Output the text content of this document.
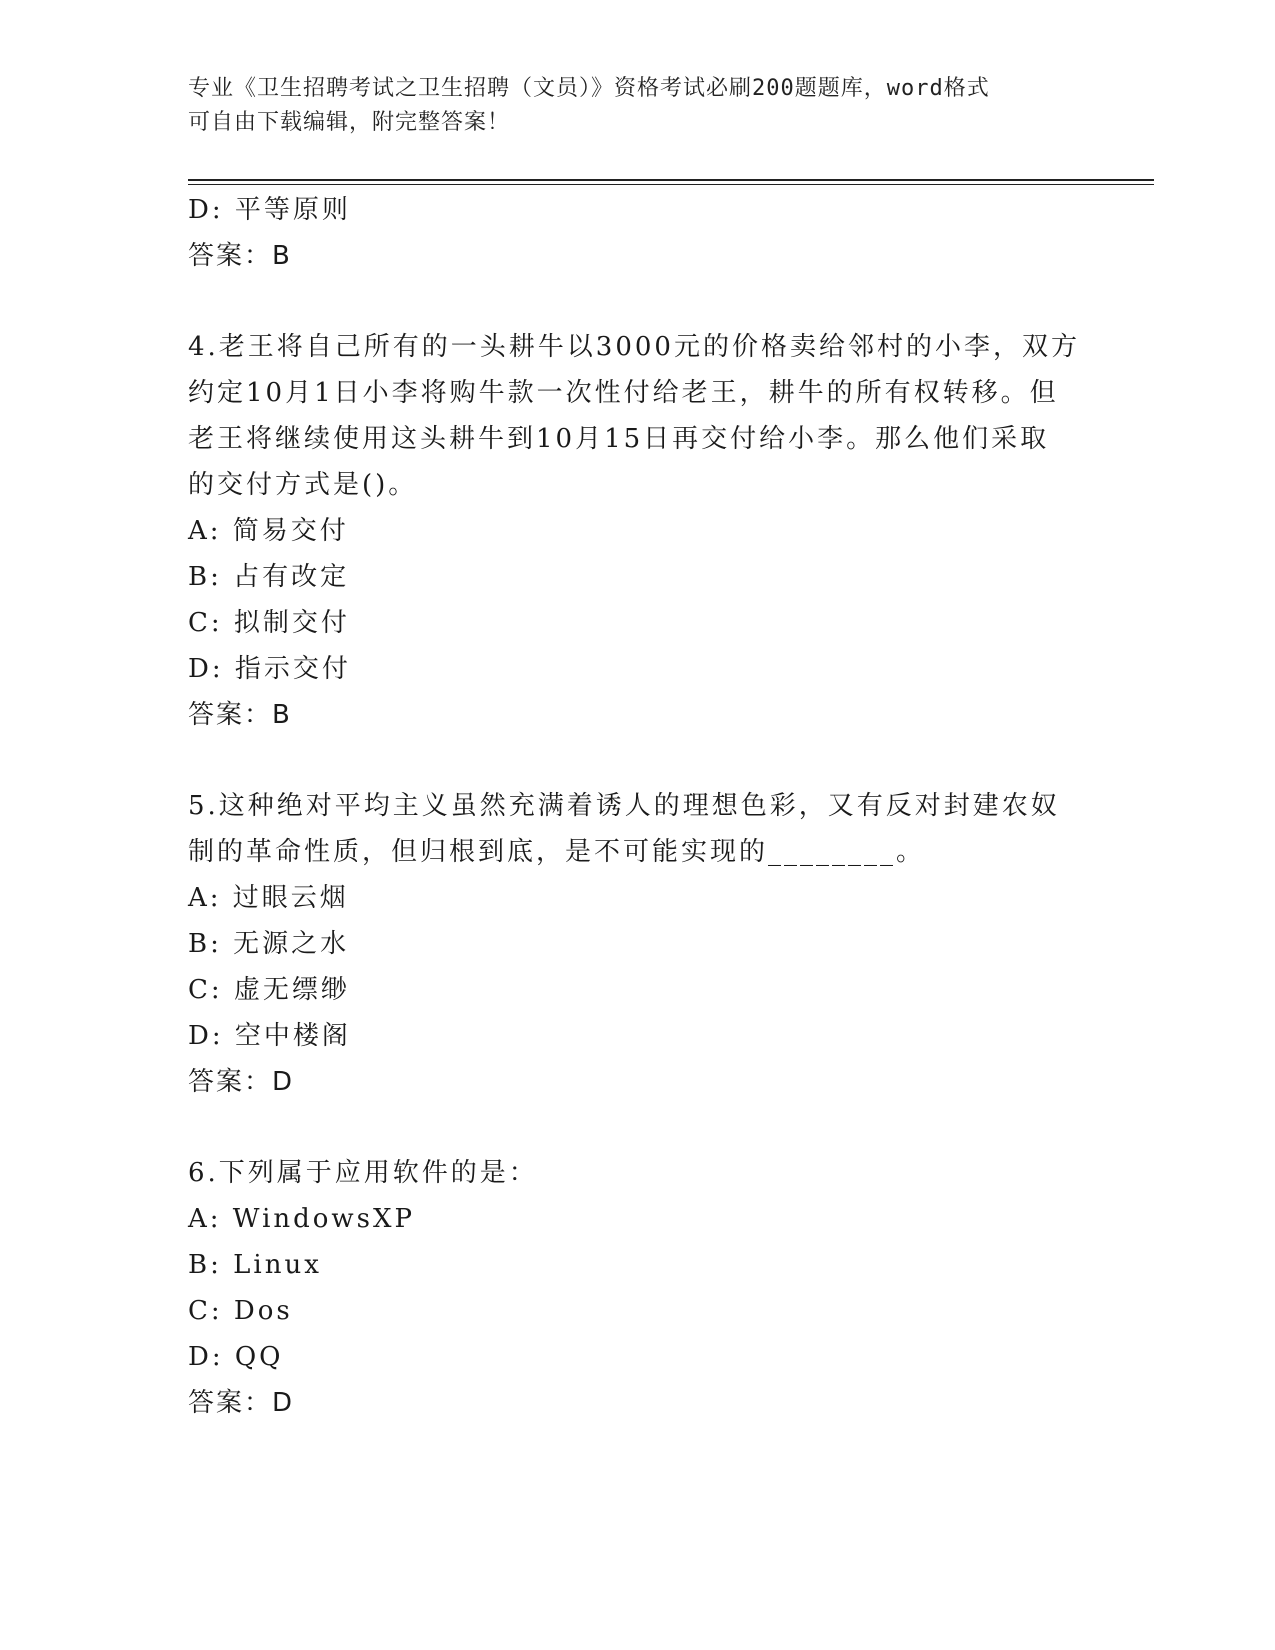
专业《卫生招聘考试之卫生招聘（文员）》资格考试必刷200题题库，word格式
可自由下载编辑，附完整答案！
D: 平等原则
答案：B
4.老王将自己所有的一头耕牛以3000元的价格卖给邻村的小李，双方
约定10月1日小李将购牛款一次性付给老王，耕牛的所有权转移。但
老王将继续使用这头耕牛到10月15日再交付给小李。那么他们采取
的交付方式是()。
A: 简易交付
B: 占有改定
C: 拟制交付
D: 指示交付
答案：B
5.这种绝对平均主义虽然充满着诱人的理想色彩，又有反对封建农奴
制的革命性质，但归根到底，是不可能实现的________。
A: 过眼云烟
B: 无源之水
C: 虚无缥缈
D: 空中楼阁
答案：D
6.下列属于应用软件的是：
A: WindowsXP
B: Linux
C: Dos
D: QQ
答案：D
